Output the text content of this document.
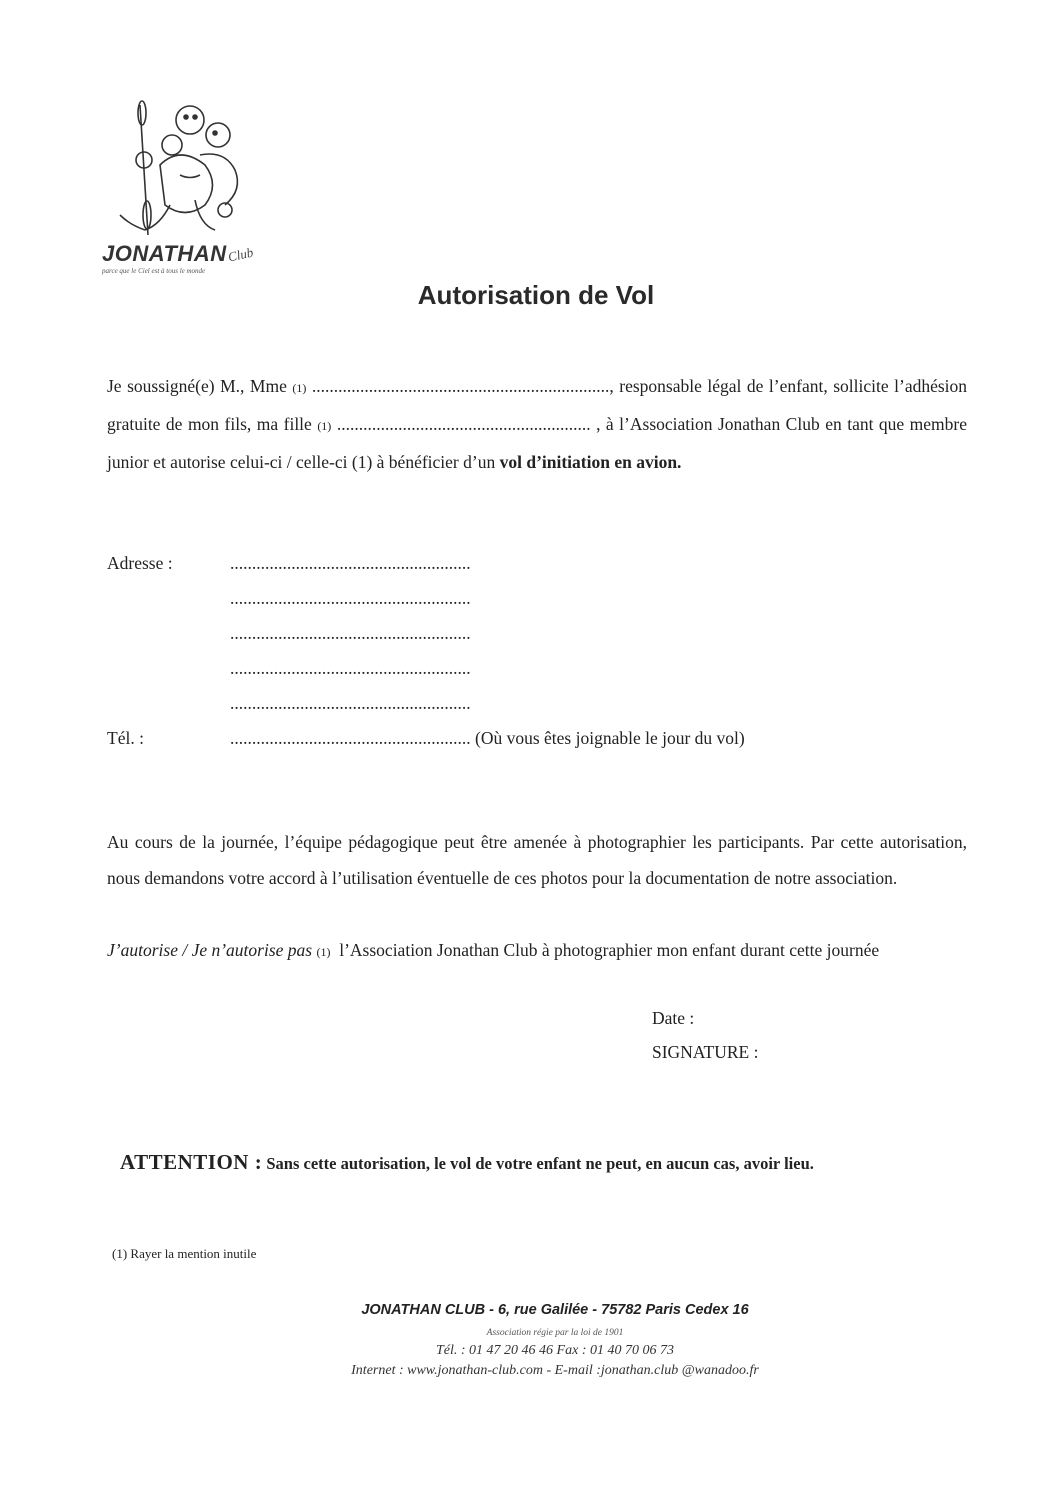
JONATHAN Club
parce que le Ciel est à tous le monde
Autorisation de Vol
Je soussigné(e) M., Mme (1) ...................................................................., responsable légal de l’enfant, sollicite l’adhésion gratuite de mon fils, ma fille (1) .......................................................... , à l’Association Jonathan Club en tant que membre junior et autorise celui-ci / celle-ci (1) à bénéficier d’un vol d’initiation en avion.
Adresse :	.......................................................
.......................................................
.......................................................
.......................................................
.......................................................
Tél. :	....................................................... (Où vous êtes joignable le jour du vol)
Au cours de la journée, l’équipe pédagogique peut être amenée à photographier les participants. Par cette autorisation, nous demandons votre accord à l’utilisation éventuelle de ces photos pour la documentation de notre association.
J’autorise / Je n’autorise pas (1) l’Association Jonathan Club à photographier mon enfant durant cette journée
Date :
SIGNATURE :
ATTENTION : Sans cette autorisation, le vol de votre enfant ne peut, en aucun cas, avoir lieu.
(1) Rayer la mention inutile
JONATHAN CLUB - 6, rue Galilée - 75782 Paris Cedex 16
Association régie par la loi de 1901
Tél. : 01 47 20 46 46 Fax : 01 40 70 06 73
Internet : www.jonathan-club.com - E-mail :jonathan.club @wanadoo.fr
